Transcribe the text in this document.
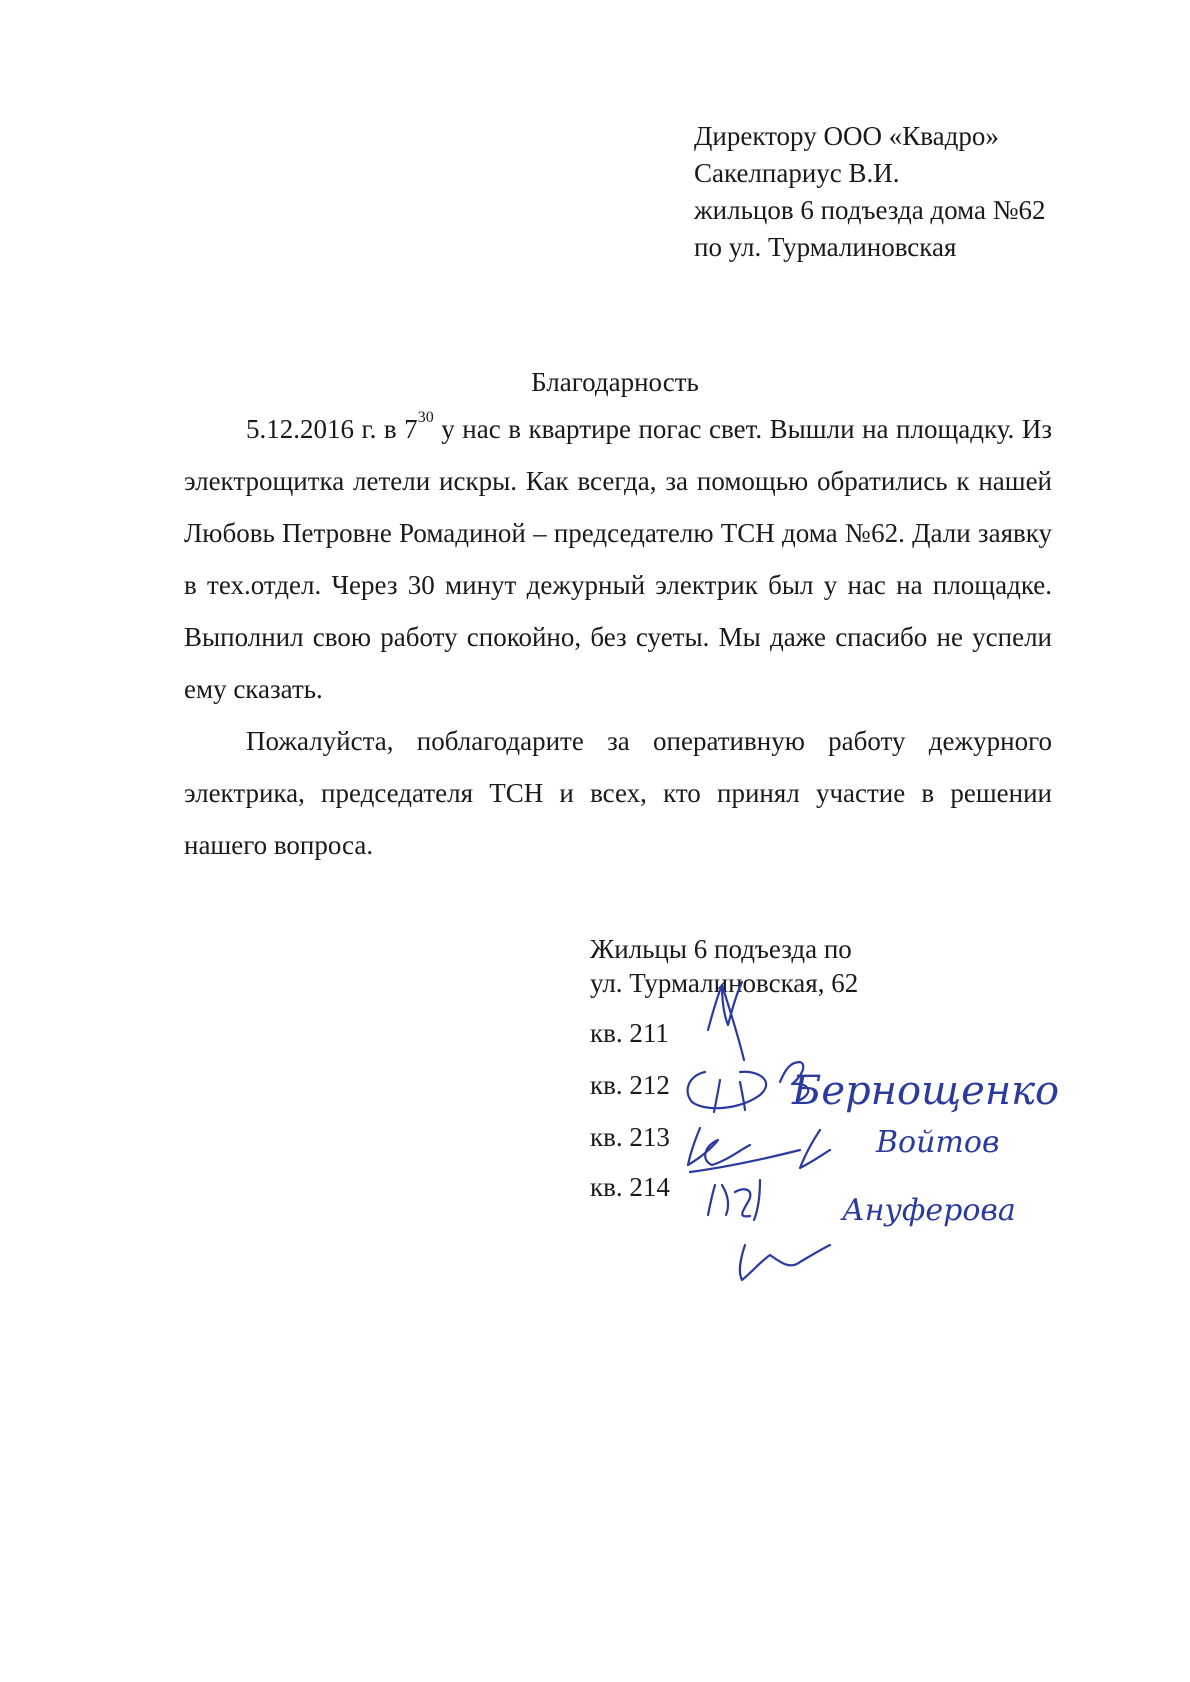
Директору ООО «Квадро»
Сакелпариус В.И.
жильцов 6 подъезда дома №62
по ул. Турмалиновская
Благодарность

5.12.2016 г. в $7^{30}$ у нас в квартире погас свет. Вышли на площадку. Из электрощитка летели искры. Как всегда, за помощью обратились к нашей Любовь Петровне Ромадиной – председателю ТСН дома №62. Дали заявку в тех.отдел. Через 30 минут дежурный электрик был у нас на площадке. Выполнил свою работу спокойно, без суеты. Мы даже спасибо не успели ему сказать.

Пожалуйста, поблагодарите за оперативную работу дежурного электрика, председателя ТСН и всех, кто принял участие в решении нашего вопроса.

Жильцы 6 подъезда по
ул. Турмалиновская, 62
кв. 211
кв. 212
кв. 213
кв. 214
Бернощенко
Войтов
Ануферова
